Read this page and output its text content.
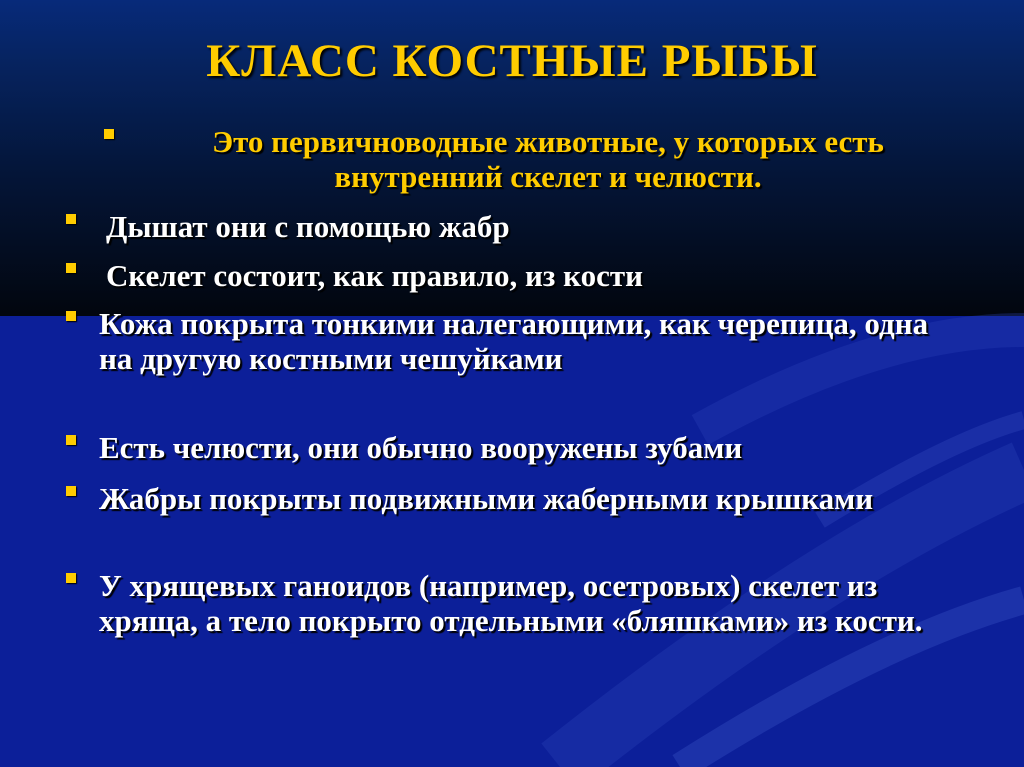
КЛАСС КОСТНЫЕ РЫБЫ
Это первичноводные животные, у которых есть внутренний скелет и челюсти.
Дышат они с помощью жабр
Скелет состоит, как правило, из кости
Кожа покрыта тонкими налегающими, как черепица, одна на другую костными чешуйками
Есть челюсти, они обычно вооружены зубами
Жабры покрыты подвижными жаберными крышками
У хрящевых ганоидов (например, осетровых) скелет из хряща, а тело покрыто отдельными «бляшками» из кости.
